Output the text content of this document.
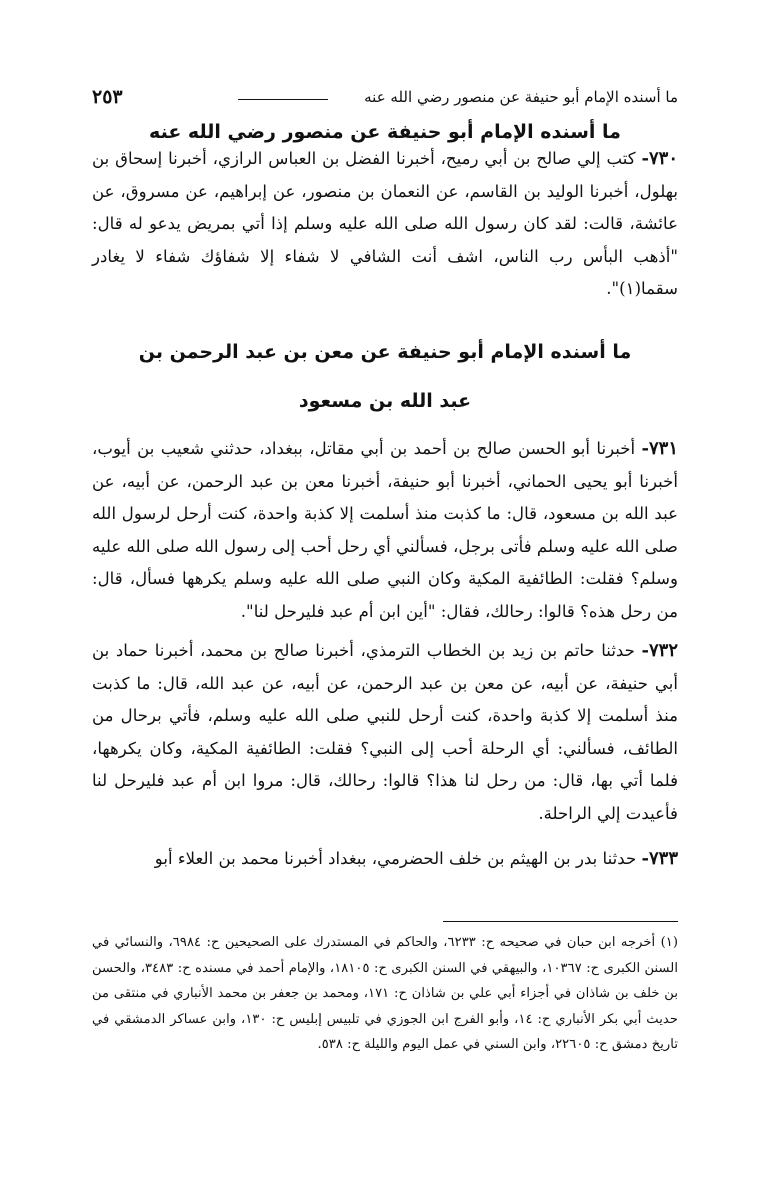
ما أسنده الإمام أبو حنيفة عن منصور رضي الله عنه
٢٥٣
ما أسنده الإمام أبو حنيفة عن منصور رضي الله عنه
٧٣٠- كتب إلي صالح بن أبي رميح، أخبرنا الفضل بن العباس الرازي، أخبرنا إسحاق بن بهلول، أخبرنا الوليد بن القاسم، عن النعمان بن منصور، عن إبراهيم، عن مسروق، عن عائشة، قالت: لقد كان رسول الله صلى الله عليه وسلم إذا أتي بمريض يدعو له قال: "أذهب البأس رب الناس، اشف أنت الشافي لا شفاء إلا شفاؤك شفاء لا يغادر سقما(١)".
ما أسنده الإمام أبو حنيفة عن معن بن عبد الرحمن بن
عبد الله بن مسعود
٧٣١- أخبرنا أبو الحسن صالح بن أحمد بن أبي مقاتل، ببغداد، حدثني شعيب بن أيوب، أخبرنا أبو يحيى الحماني، أخبرنا أبو حنيفة، أخبرنا معن بن عبد الرحمن، عن أبيه، عن عبد الله بن مسعود، قال: ما كذبت منذ أسلمت إلا كذبة واحدة، كنت أرحل لرسول الله صلى الله عليه وسلم فأتى برجل، فسألني أي رحل أحب إلى رسول الله صلى الله عليه وسلم؟ فقلت: الطائفية المكية وكان النبي صلى الله عليه وسلم يكرهها فسأل، قال: من رحل هذه؟ قالوا: رحالك، فقال: "أين ابن أم عبد فليرحل لنا".
٧٣٢- حدثنا حاتم بن زيد بن الخطاب الترمذي، أخبرنا صالح بن محمد، أخبرنا حماد بن أبي حنيفة، عن أبيه، عن معن بن عبد الرحمن، عن أبيه، عن عبد الله، قال: ما كذبت منذ أسلمت إلا كذبة واحدة، كنت أرحل للنبي صلى الله عليه وسلم، فأتي برحال من الطائف، فسألني: أي الرحلة أحب إلى النبي؟ فقلت: الطائفية المكية، وكان يكرهها، فلما أتي بها، قال: من رحل لنا هذا؟ قالوا: رحالك، قال: مروا ابن أم عبد فليرحل لنا فأعيدت إلي الراحلة.
٧٣٣- حدثنا بدر بن الهيثم بن خلف الحضرمي، ببغداد أخبرنا محمد بن العلاء أبو
(١) أخرجه ابن حبان في صحيحه ح: ٦٢٣٣، والحاكم في المستدرك على الصحيحين ح: ٦٩٨٤، والنسائي في السنن الكبرى ح: ١٠٣٦٧، والبيهقي في السنن الكبرى ح: ١٨١٠٥، والإمام أحمد في مسنده ح: ٣٤٨٣، والحسن بن خلف بن شاذان في أجزاء أبي علي بن شاذان ح: ١٧١، ومحمد بن جعفر بن محمد الأنباري في منتقى من حديث أبي بكر الأنباري ح: ١٤، وأبو الفرج ابن الجوزي في تلبيس إبليس ح: ١٣٠، وابن عساكر الدمشقي في تاريخ دمشق ح: ٢٢٦٠٥، وابن السني في عمل اليوم والليلة ح: ٥٣٨.
